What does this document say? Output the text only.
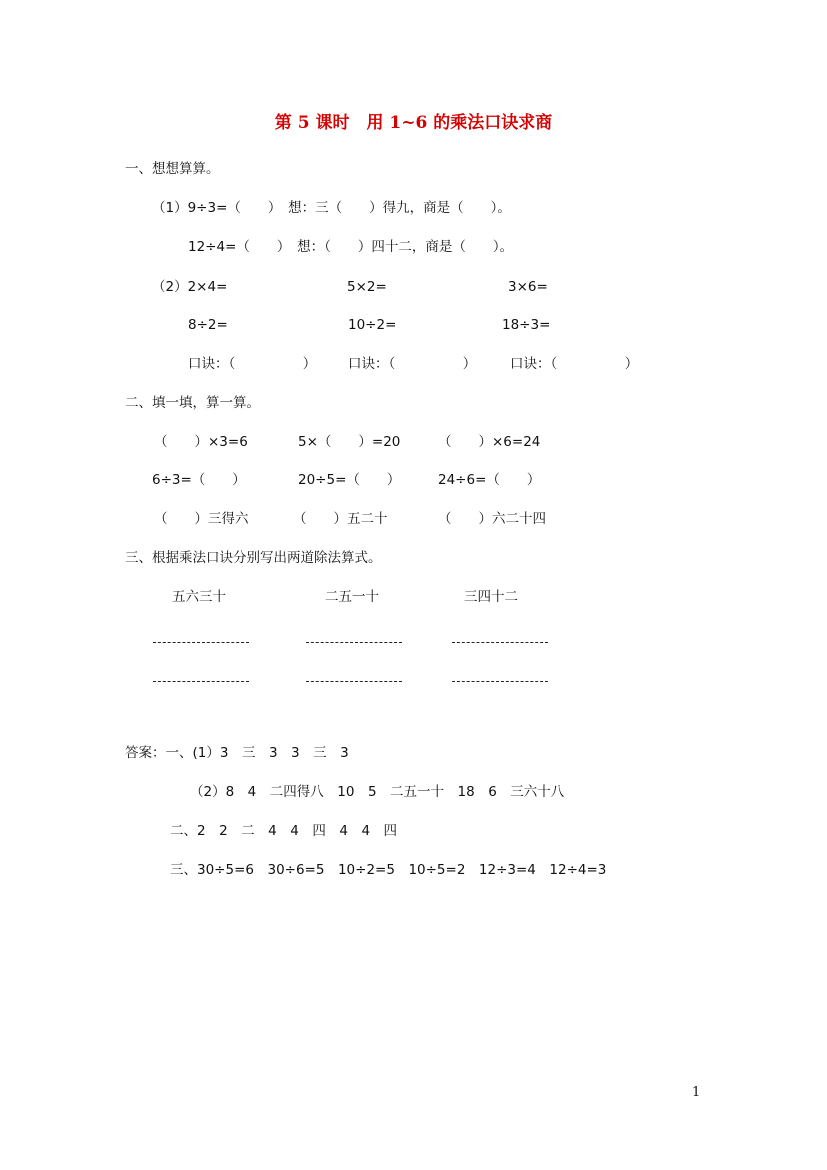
第 5 课时　用 1~6 的乘法口诀求商
一、想想算算。
（1）9÷3=（　　）　想：三（　　）得九，商是（　　）。
12÷4=（　　）　想：（　　）四十二，商是（　　）。
（2）2×4=	5×2=	3×6=
8÷2=	10÷2=	18÷3=
口诀：（　　　　　） 口诀：（　　　　　）	口诀：（　　　　　）
二、填一填，算一算。
（　　）×3=6	5×（　　）=20	（　　）×6=24
6÷3=（　　）	20÷5=（　　）	24÷6=（　　）
（　　）三得六	（　　）五二十	（　　）六二十四
三、根据乘法口诀分别写出两道除法算式。
五六三十	二五一十	三四十二
答案：一、(1）3　三　3　3　三　3
（2）8　4　二四得八　10　5　二五一十　18　6　三六十八
二、2　2　二　4　4　四　4　4　四
三、30÷5=6　30÷6=5　10÷2=5　10÷5=2　12÷3=4　12÷4=3
1
